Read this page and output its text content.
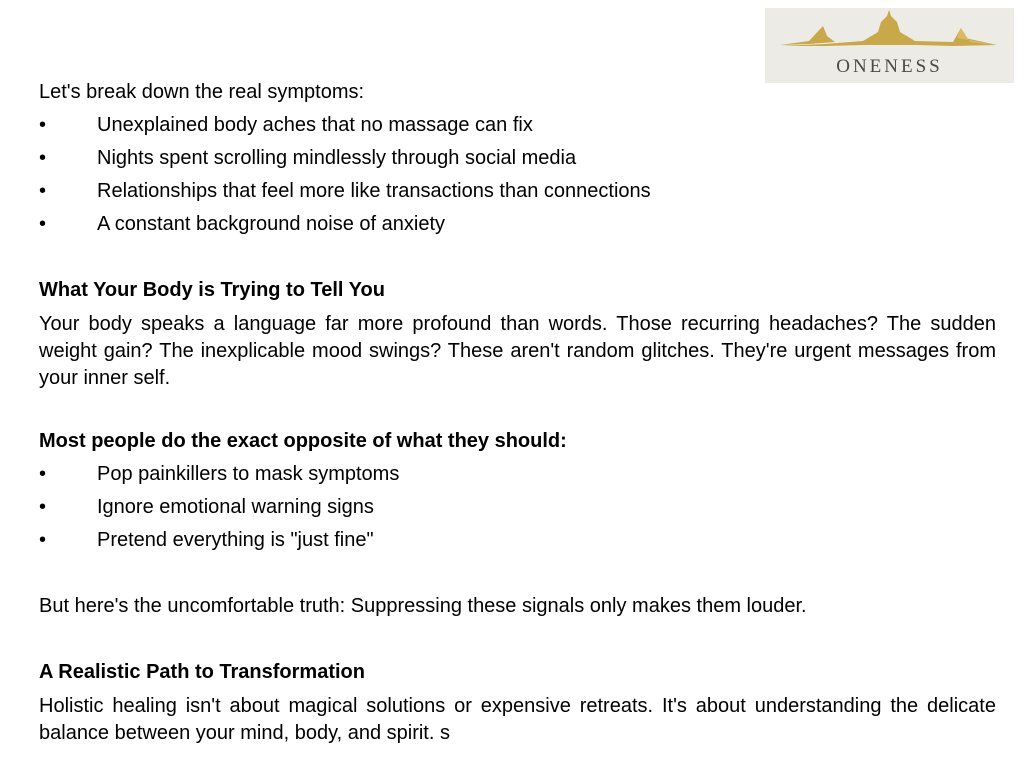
ONENESS

Let's break down the real symptoms:

•	Unexplained body aches that no massage can fix
•	Nights spent scrolling mindlessly through social media
•	Relationships that feel more like transactions than connections
•	A constant background noise of anxiety
What Your Body is Trying to Tell You

Your body speaks a language far more profound than words. Those recurring headaches? The sudden weight gain? The inexplicable mood swings? These aren't random glitches. They're urgent messages from your inner self.

Most people do the exact opposite of what they should:
•	Pop painkillers to mask symptoms
•	Ignore emotional warning signs
•	Pretend everything is "just fine"

But here's the uncomfortable truth: Suppressing these signals only makes them louder.

A Realistic Path to Transformation

Holistic healing isn't about magical solutions or expensive retreats. It's about understanding the delicate balance between your mind, body, and spirit. s
